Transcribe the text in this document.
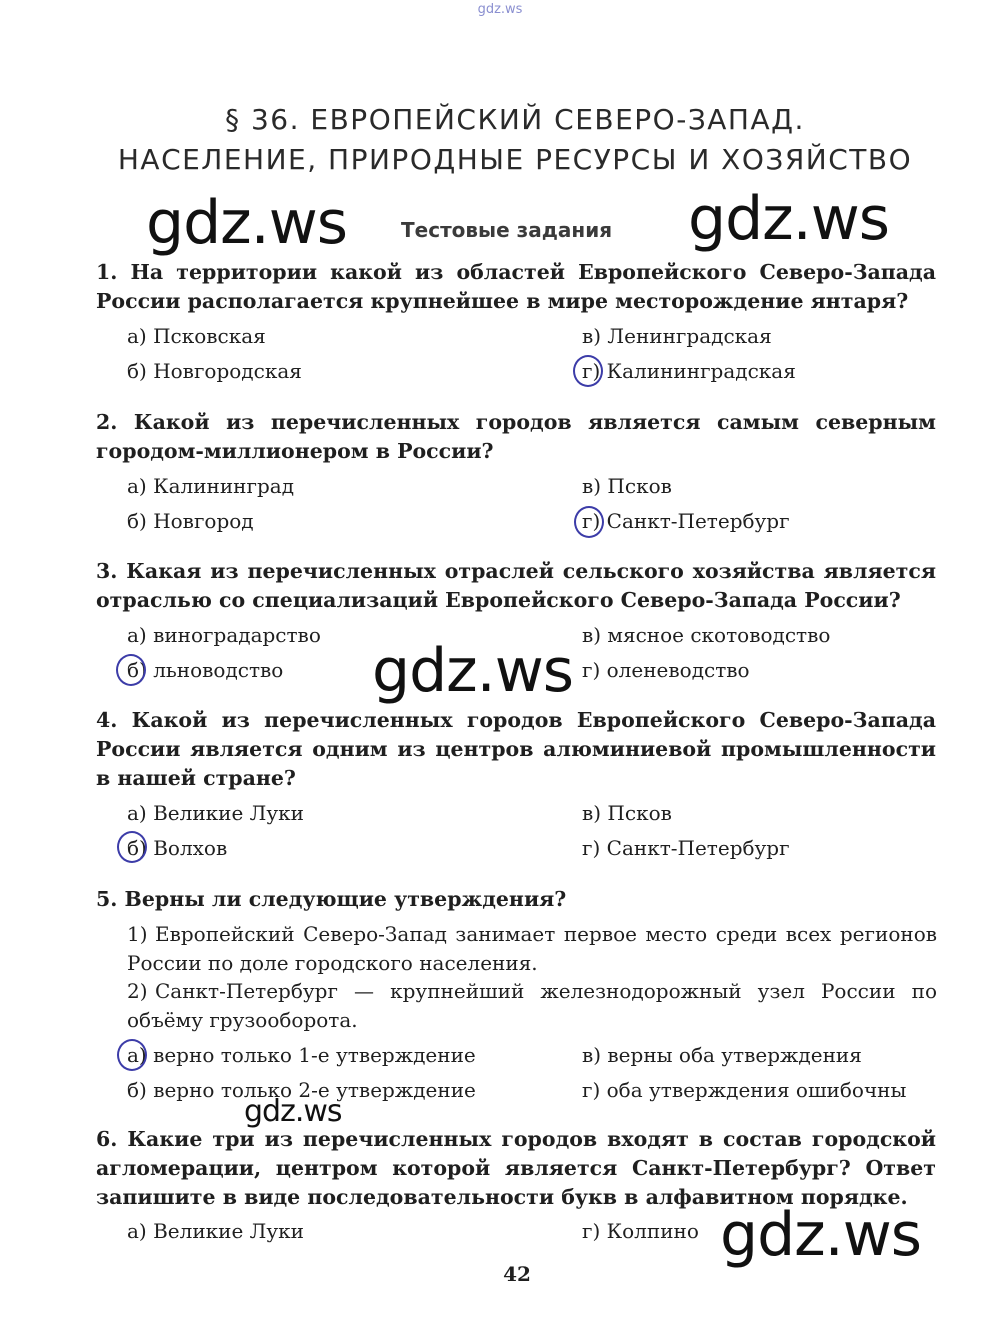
gdz.ws
§ 36. ЕВРОПЕЙСКИЙ СЕВЕРО-ЗАПАД.
НАСЕЛЕНИЕ, ПРИРОДНЫЕ РЕСУРСЫ И ХОЗЯЙСТВО
gdz.ws	Тестовые задания gdz.ws
1. На территории какой из областей Европейского Северо-Запада России располагается крупнейшее в мире месторождение янтаря?
а) Псковская
б) Новгородская
в) Ленинградская
г) Калининградская
2. Какой из перечисленных городов является самым северным городом-миллионером в России?
а) Калининград
б) Новгород
в) Псков
г) Санкт-Петербург
3. Какая из перечисленных отраслей сельского хозяйства является отраслью со специализаций Европейского Северо-Запада России?
а) виноградарство
б) льноводство
в) мясное скотоводство
г) оленеводство
gdz.ws
4. Какой из перечисленных городов Европейского Северо-Запада России является одним из центров алюминиевой промышленности в нашей стране?
а) Великие Луки
б) Волхов
в) Псков
г) Санкт-Петербург
5. Верны ли следующие утверждения?
1) Европейский Северо-Запад занимает первое место среди всех регионов России по доле городского населения.
2) Санкт-Петербург — крупнейший железнодорожный узел России по объёму грузооборота.
а) верно только 1-е утверждение
б) верно только 2-е утверждение
в) верны оба утверждения
г) оба утверждения ошибочны
gdz.ws
6. Какие три из перечисленных городов входят в состав городской агломерации, центром которой является Санкт-Петербург? Ответ запишите в виде последовательности букв в алфавитном порядке.
а) Великие Луки	г) Колпино gdz.ws
42
